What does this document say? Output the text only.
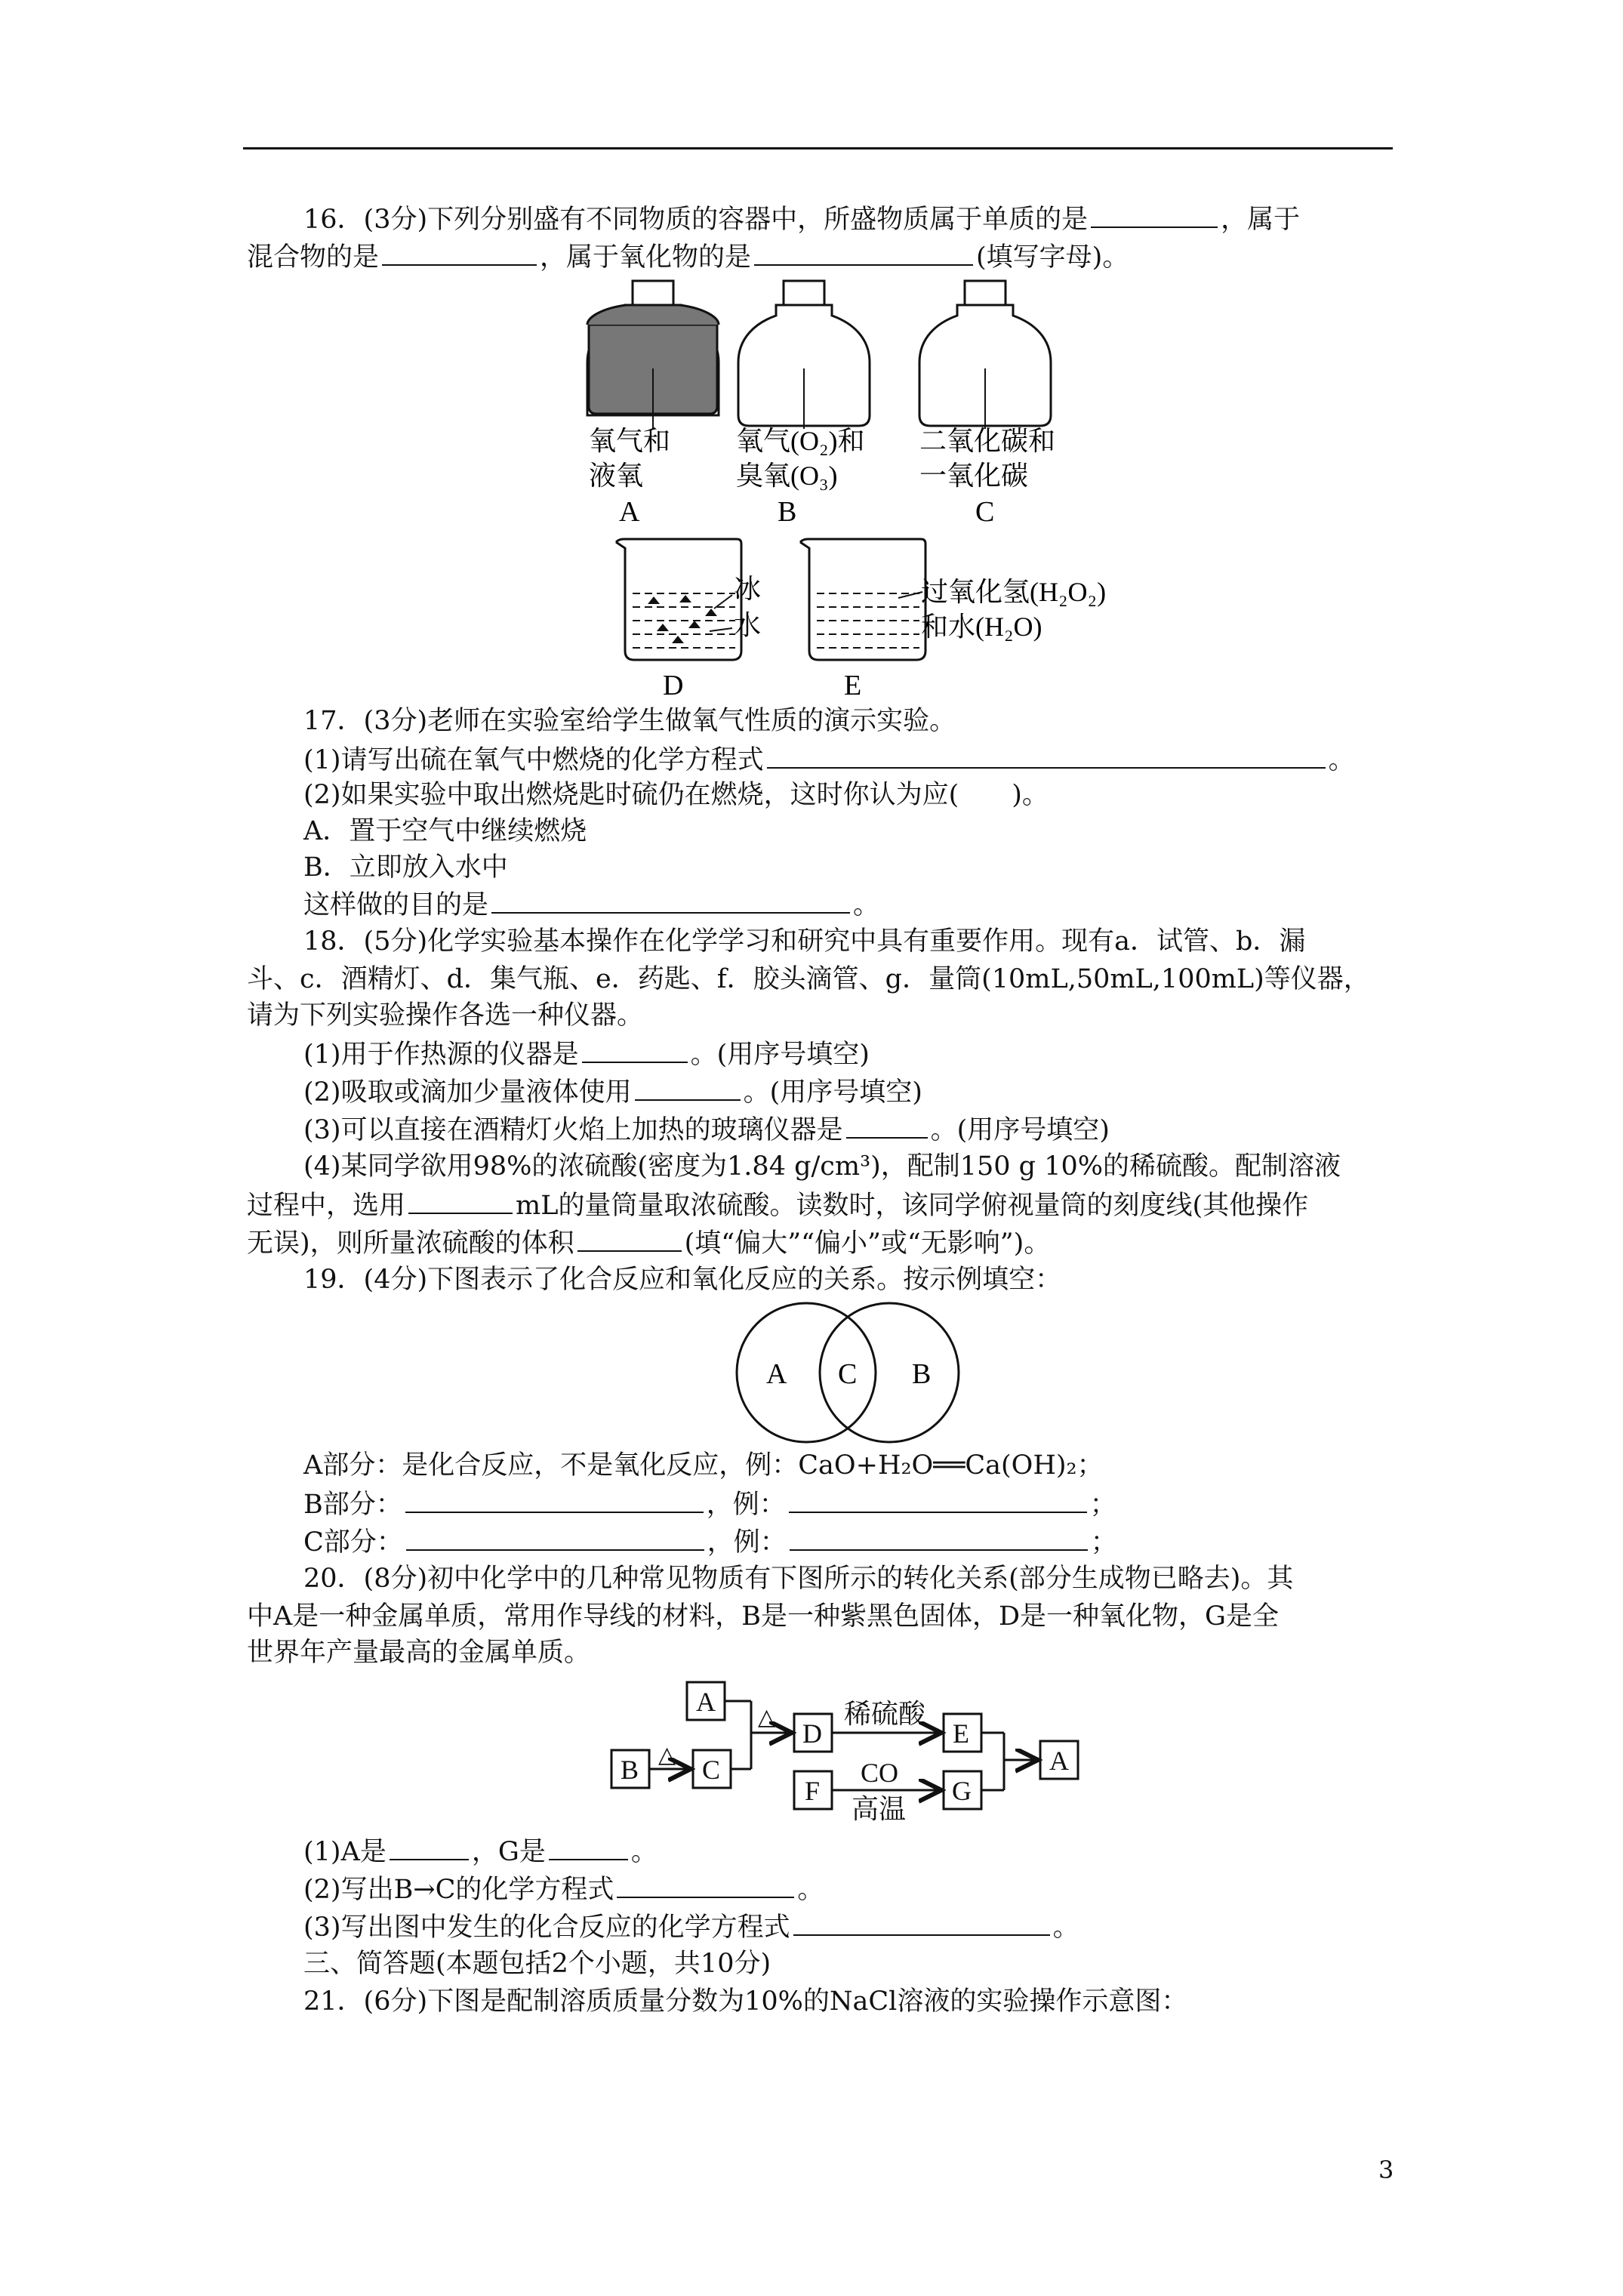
16．(3分)下列分别盛有不同物质的容器中，所盛物质属于单质的是	，属于
混合物的是	，属于氧化物的是	(填写字母)。
氧气和
液氧
A
氧气(O₂)和
臭氧(O₃)
B
二氧化碳和
一氧化碳
C
冰
水
D
过氧化氢(H₂O₂)
和水(H₂O)
E
17．(3分)老师在实验室给学生做氧气性质的演示实验。
(1)请写出硫在氧气中燃烧的化学方程式	。
(2)如果实验中取出燃烧匙时硫仍在燃烧，这时你认为应(　　)。
A．置于空气中继续燃烧
B．立即放入水中
这样做的目的是	。
18．(5分)化学实验基本操作在化学学习和研究中具有重要作用。现有a．试管、b．漏
斗、c．酒精灯、d．集气瓶、e．药匙、f．胶头滴管、g．量筒(10mL,50mL,100mL)等仪器，
请为下列实验操作各选一种仪器。
(1)用于作热源的仪器是	。(用序号填空)
(2)吸取或滴加少量液体使用	。(用序号填空)
(3)可以直接在酒精灯火焰上加热的玻璃仪器是	。(用序号填空)
(4)某同学欲用98%的浓硫酸(密度为1.84 g/cm³)，配制150 g 10%的稀硫酸。配制溶液
过程中，选用	mL的量筒量取浓硫酸。读数时，该同学俯视量筒的刻度线(其他操作
无误)，则所量浓硫酸的体积	(填“偏大”“偏小”或“无影响”)。
19．(4分)下图表示了化合反应和氧化反应的关系。按示例填空：
A C B
A部分：是化合反应，不是氧化反应，例：CaO+H₂O══Ca(OH)₂；
B部分：	，例：	；
C部分：	，例：	；
20．(8分)初中化学中的几种常见物质有下图所示的转化关系(部分生成物已略去)。其
中A是一种金属单质，常用作导线的材料，B是一种紫黑色固体，D是一种氧化物，G是全
世界年产量最高的金属单质。
A
B C
D	E
F	G
A
△
△	稀硫酸
CO
高温
(1)A是	，G是	。
(2)写出B→C的化学方程式	。
(3)写出图中发生的化合反应的化学方程式	。
三、简答题(本题包括2个小题，共10分)
21．(6分)下图是配制溶质质量分数为10%的NaCl溶液的实验操作示意图：
3
